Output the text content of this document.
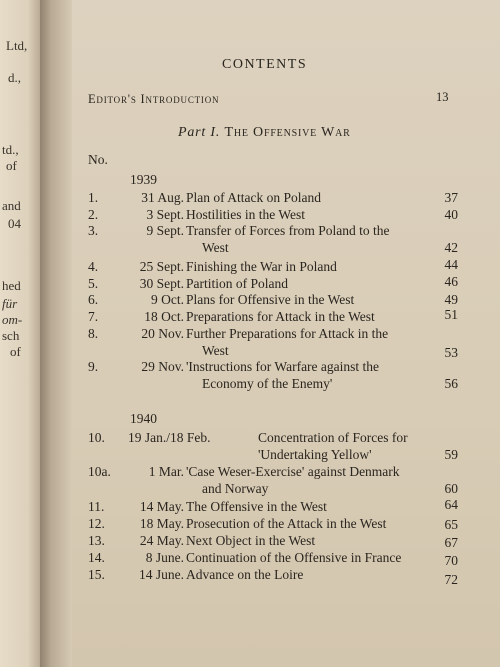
Ltd,
d.,
td.,
of
and
04
hed
für
om-
sch
of
CONTENTS
Editor's Introduction	13
Part I. The Offensive War
No.
1939
1.	31 Aug. Plan of Attack on Poland	37
2.	3 Sept. Hostilities in the West	40
3.	9 Sept. Transfer of Forces from Poland to the
West	42
4.	25 Sept. Finishing the War in Poland	44
5.	30 Sept. Partition of Poland	46
6.	9 Oct. Plans for Offensive in the West	49
7.	18 Oct. Preparations for Attack in the West	51
8.	20 Nov. Further Preparations for Attack in the
West	53
9.	29 Nov. 'Instructions for Warfare against the
Economy of the Enemy'	56
1940
10. 19 Jan./18 Feb.	Concentration of Forces for
'Undertaking Yellow'	59
10a.	1 Mar. 'Case Weser-Exercise' against Denmark
and Norway	60
11.	14 May. The Offensive in the West	64
12.	18 May. Prosecution of the Attack in the West	65
13.	24 May. Next Object in the West	67
14.	8 June. Continuation of the Offensive in France	70
15.	14 June. Advance on the Loire	72
